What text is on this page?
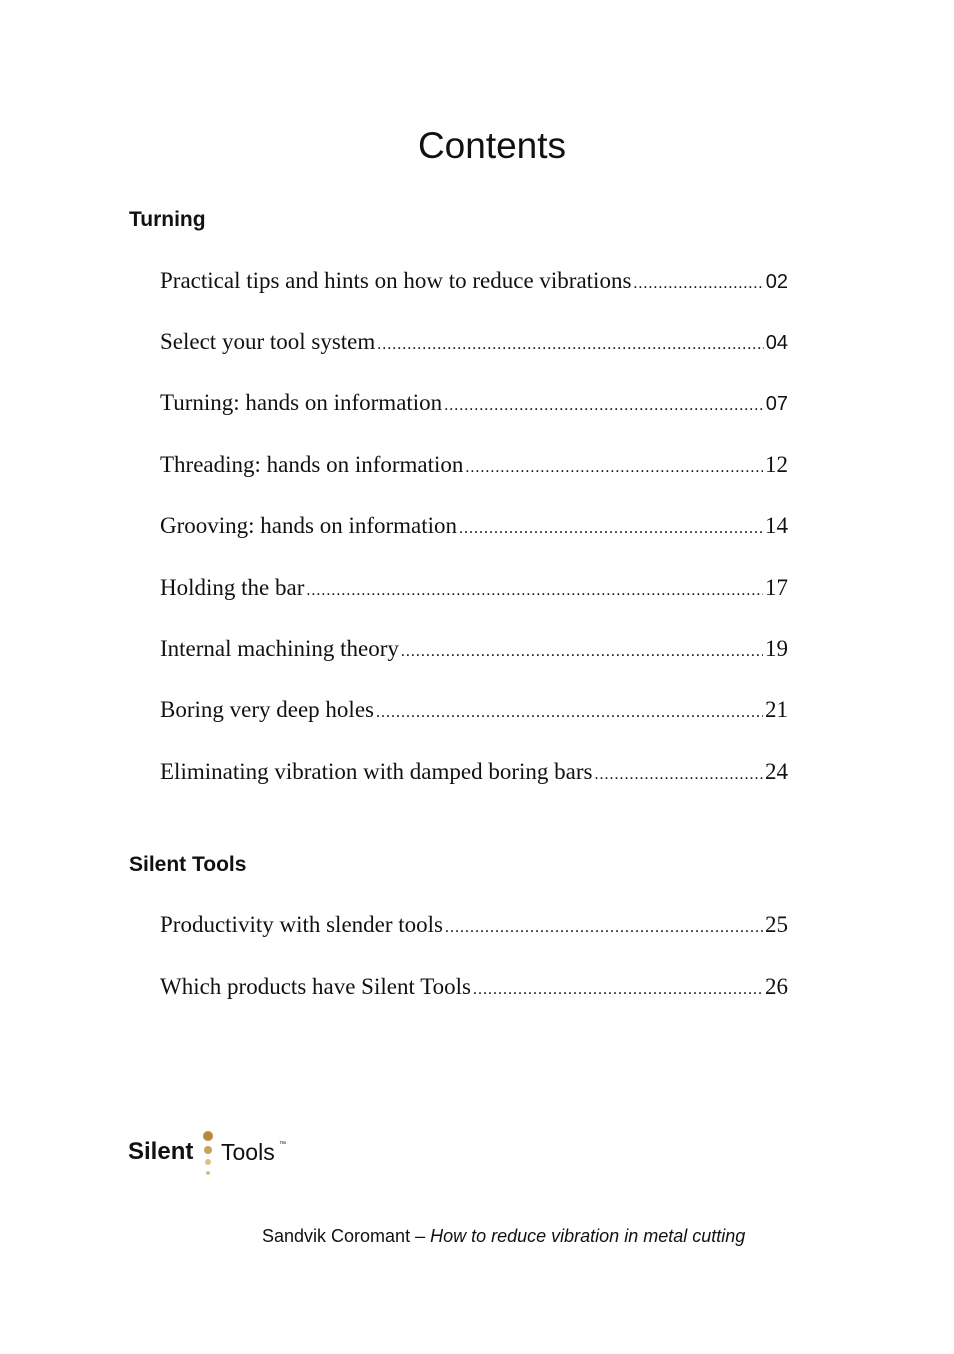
Contents
Turning
Practical tips and hints on how to reduce vibrations .....	02
Select your tool system .....	04
Turning: hands on information .....	07
Threading: hands on information .....	12
Grooving: hands on information .....	14
Holding the bar .....	17
Internal machining theory .....	19
Boring very deep holes .....	21
Eliminating vibration with damped boring bars .....	24
Silent Tools
Productivity with slender tools .....	25
Which products have Silent Tools .....	26
Silent Tools ™
Sandvik Coromant – How to reduce vibration in metal cutting
